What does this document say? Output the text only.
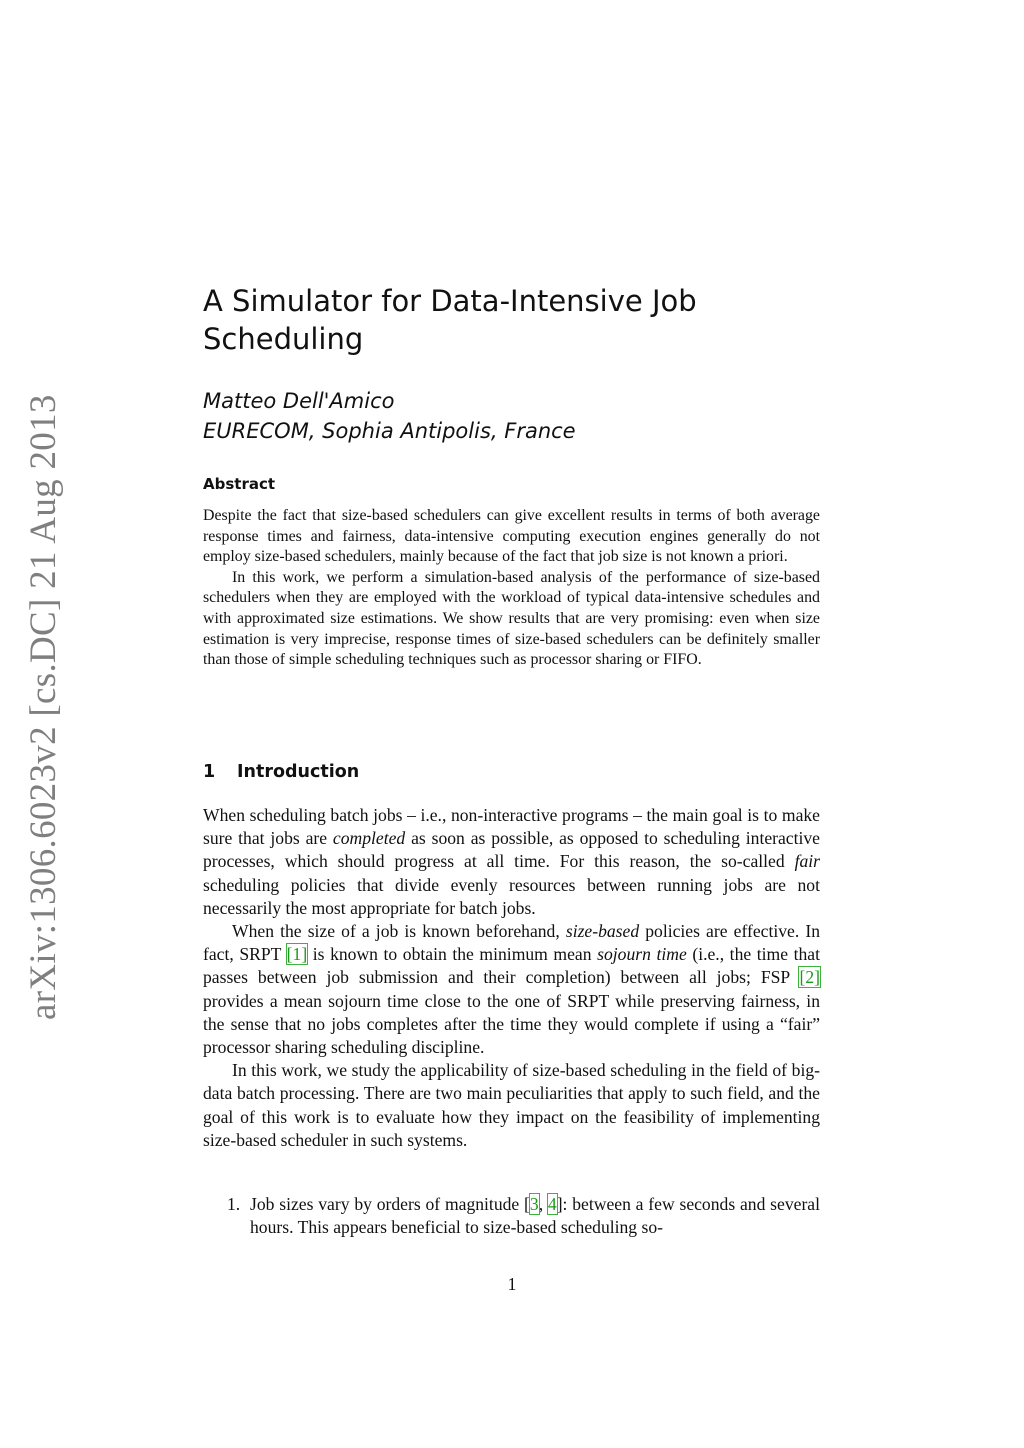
arXiv:1306.6023v2 [cs.DC] 21 Aug 2013
A Simulator for Data-Intensive Job Scheduling
Matteo Dell'Amico
EURECOM, Sophia Antipolis, France
Abstract

Despite the fact that size-based schedulers can give excellent results in terms of both average response times and fairness, data-intensive computing execution engines generally do not employ size-based schedulers, mainly because of the fact that job size is not known a priori.

In this work, we perform a simulation-based analysis of the performance of size-based schedulers when they are employed with the workload of typical data-intensive schedules and with approximated size estimations. We show results that are very promising: even when size estimation is very imprecise, response times of size-based schedulers can be definitely smaller than those of simple scheduling techniques such as processor sharing or FIFO.

1 Introduction

When scheduling batch jobs – i.e., non-interactive programs – the main goal is to make sure that jobs are completed as soon as possible, as opposed to scheduling interactive processes, which should progress at all time. For this reason, the so-called fair scheduling policies that divide evenly resources between running jobs are not necessarily the most appropriate for batch jobs.

When the size of a job is known beforehand, size-based policies are effective. In fact, SRPT [1] is known to obtain the minimum mean sojourn time (i.e., the time that passes between job submission and their completion) between all jobs; FSP [2] provides a mean sojourn time close to the one of SRPT while preserving fairness, in the sense that no jobs completes after the time they would complete if using a “fair” processor sharing scheduling discipline.

In this work, we study the applicability of size-based scheduling in the field of big-data batch processing. There are two main peculiarities that apply to such field, and the goal of this work is to evaluate how they impact on the feasibility of implementing size-based scheduler in such systems.

1. Job sizes vary by orders of magnitude [3, 4]: between a few seconds and several hours. This appears beneficial to size-based scheduling so-
1
